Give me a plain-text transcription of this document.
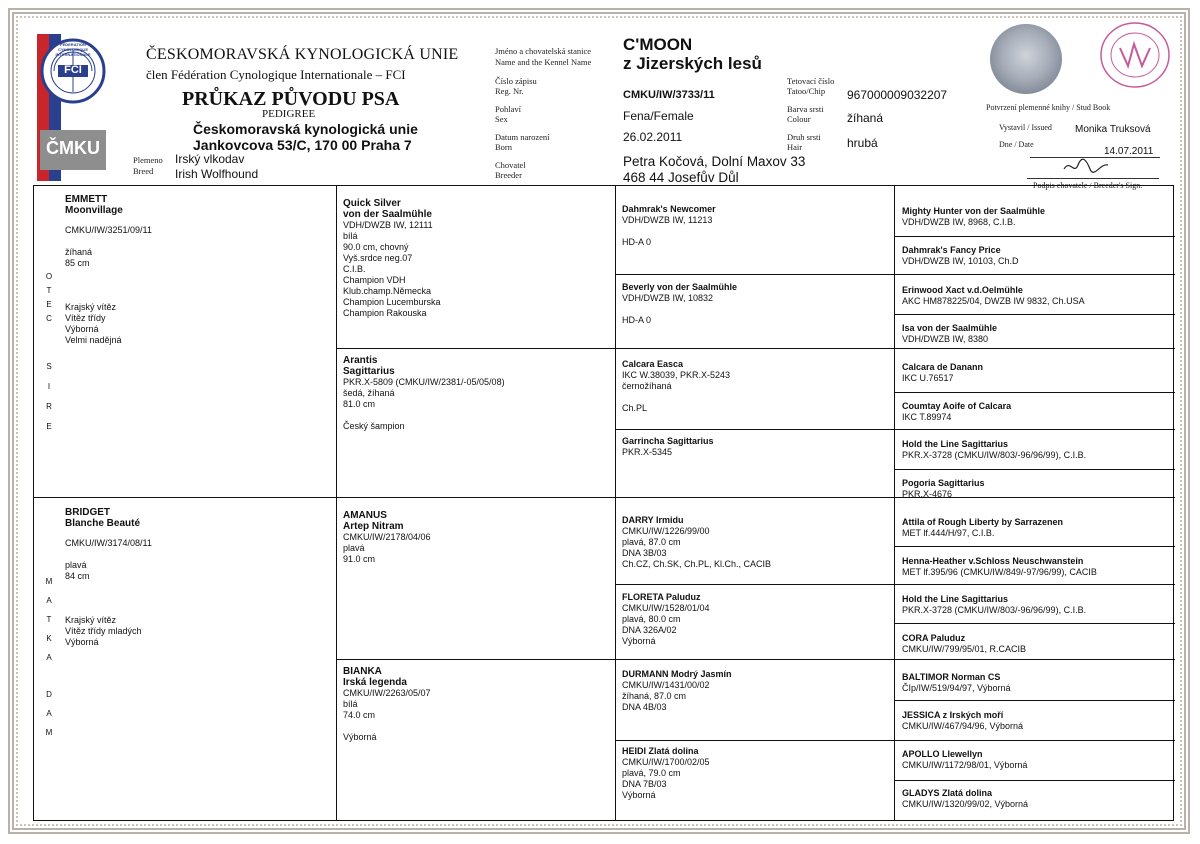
FCI
FEDERATION CYNOLOGIQUE INTERNATIONALE
ČMKU
ČESKOMORAVSKÁ KYNOLOGICKÁ UNIE
člen Fédération Cynologique Internationale – FCI
PRŮKAZ PŮVODU PSA
PEDIGREE
Českomoravská kynologická unie
Jankovcova 53/C, 170 00 Praha 7
Plemeno
Breed
Irský vlkodav
Irish Wolfhound
Jméno a chovatelská stanice
Name and the Kennel Name
C'MOON
z Jizerských lesů
Číslo zápisu
Reg. Nr.	CMKU/IW/3733/11
Tetovací číslo
Tatoo/Chip 967000009032207
Pohlaví
Sex	Fena/Female	Barva srsti
Colour	žíhaná
Datum narození
Born
26.02.2011	Druh srsti
Hair	hrubá
Chovatel
Breeder
Petra Kočová, Dolní Maxov 33
468 44 Josefův Důl
Potvrzení plemenné knihy / Stud Book
Vystavil / Issued Monika Truksová
Dne / Date
14.07.2011
Podpis chovatele / Breeder's Sign.
O
T
E
C
S
I
R
E
M
A
T
K
A
D
A
M
EMMETT
Moonvillage
CMKU/IW/3251/09/11
žíhaná
85 cm
Krajský vítěz
Vítěz třídy
Výborná
Velmi nadějná
BRIDGET
Blanche Beauté
CMKU/IW/3174/08/11
plavá
84 cm
Krajský vítěz
Vítěz třídy mladých
Výborná
Quick Silver
von der Saalmühle
VDH/DWZB IW, 12111
bílá
90.0 cm, chovný
Vyš.srdce neg.07
C.I.B.
Champion VDH
Klub.champ.Německa
Champion Lucemburska
Champion Rakouska
Arantis
Sagittarius
PKR.X-5809 (CMKU/IW/2381/-05/05/08)
šedá, žíhaná
81.0 cm
Český šampion
AMANUS
Artep Nitram
CMKU/IW/2178/04/06
plavá
91.0 cm
BIANKA
Irská legenda
CMKU/IW/2263/05/07
bílá
74.0 cm
Výborná
Dahmrak's Newcomer
VDH/DWZB IW, 11213
HD-A 0
Beverly von der Saalmühle
VDH/DWZB IW, 10832
HD-A 0
Calcara Easca
IKC W.38039, PKR.X-5243
černožíhaná
Ch.PL
Garrincha Sagittarius
PKR.X-5345
DARRY Irmidu
CMKU/IW/1226/99/00
plavá, 87.0 cm
DNA 3B/03
Ch.CZ, Ch.SK, Ch.PL, Kl.Ch., CACIB
FLORETA Paluduz
CMKU/IW/1528/01/04
plavá, 80.0 cm
DNA 326A/02
Výborná
DURMANN Modrý Jasmín
CMKU/IW/1431/00/02
žíhaná, 87.0 cm
DNA 4B/03
HEIDI Zlatá dolina
CMKU/IW/1700/02/05
plavá, 79.0 cm
DNA 7B/03
Výborná
Mighty Hunter von der Saalmühle
VDH/DWZB IW, 8968, C.I.B.
Dahmrak's Fancy Price
VDH/DWZB IW, 10103, Ch.D
Erinwood Xact v.d.Oelmühle
AKC HM878225/04, DWZB IW 9832, Ch.USA
Isa von der Saalmühle
VDH/DWZB IW, 8380
Calcara de Danann
IKC U.76517
Coumtay Aoife of Calcara
IKC T.89974
Hold the Line Sagittarius
PKR.X-3728 (CMKU/IW/803/-96/96/99), C.I.B.
Pogoria Sagittarius
PKR.X-4676
Attila of Rough Liberty by Sarrazenen
MET lf.444/H/97, C.I.B.
Henna-Heather v.Schloss Neuschwanstein
MET lf.395/96 (CMKU/IW/849/-97/96/99), CACIB
Hold the Line Sagittarius
PKR.X-3728 (CMKU/IW/803/-96/96/99), C.I.B.
CORA Paluduz
CMKU/IW/799/95/01, R.CACIB
BALTIMOR Norman CS
ČIp/IW/519/94/97, Výborná
JESSICA z Irských moří
CMKU/IW/467/94/96, Výborná
APOLLO Llewellyn
CMKU/IW/1172/98/01, Výborná
GLADYS Zlatá dolina
CMKU/IW/1320/99/02, Výborná
